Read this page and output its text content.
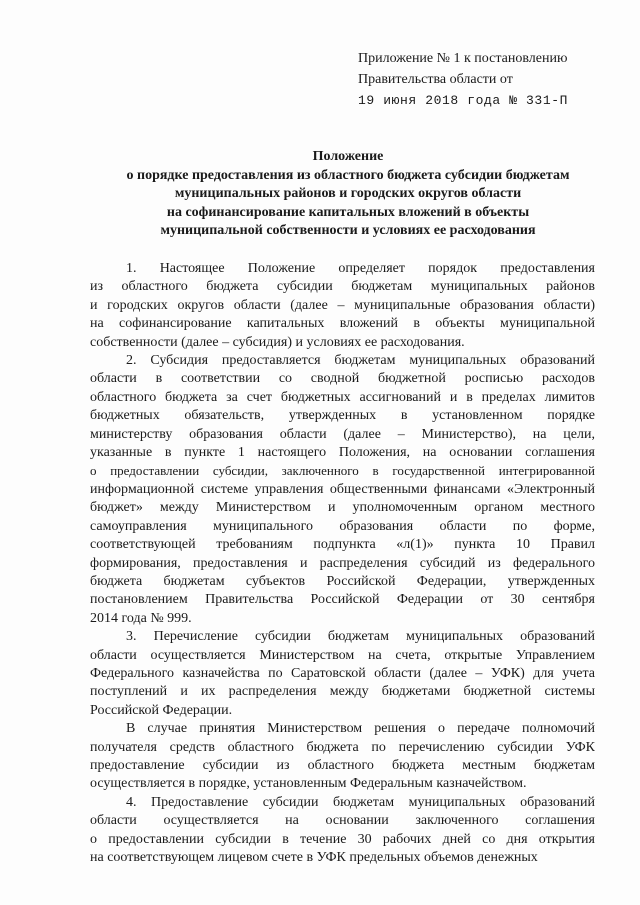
Приложение № 1 к постановлению
Правительства области от
19 июня 2018 года № 331-П
Положение
о порядке предоставления из областного бюджета субсидии бюджетам
муниципальных районов и городских округов области
на софинансирование капитальных вложений в объекты
муниципальной собственности и условиях ее расходования
1. Настоящее Положение определяет порядок предоставления
из областного бюджета субсидии бюджетам муниципальных районов
и городских округов области (далее – муниципальные образования области)
на софинансирование капитальных вложений в объекты муниципальной
собственности (далее – субсидия) и условиях ее расходования.
2. Субсидия предоставляется бюджетам муниципальных образований
области в соответствии со сводной бюджетной росписью расходов
областного бюджета за счет бюджетных ассигнований и в пределах лимитов
бюджетных обязательств, утвержденных в установленном порядке
министерству образования области (далее – Министерство), на цели,
указанные в пункте 1 настоящего Положения, на основании соглашения
о предоставлении субсидии, заключенного в государственной интегрированной
информационной системе управления общественными финансами «Электронный
бюджет» между Министерством и уполномоченным органом местного
самоуправления муниципального образования области по форме,
соответствующей требованиям подпункта «л(1)» пункта 10 Правил
формирования, предоставления и распределения субсидий из федерального
бюджета бюджетам субъектов Российской Федерации, утвержденных
постановлением Правительства Российской Федерации от 30 сентября
2014 года № 999.
3. Перечисление субсидии бюджетам муниципальных образований
области осуществляется Министерством на счета, открытые Управлением
Федерального казначейства по Саратовской области (далее – УФК) для учета
поступлений и их распределения между бюджетами бюджетной системы
Российской Федерации.
В случае принятия Министерством решения о передаче полномочий
получателя средств областного бюджета по перечислению субсидии УФК
предоставление субсидии из областного бюджета местным бюджетам
осуществляется в порядке, установленным Федеральным казначейством.
4. Предоставление субсидии бюджетам муниципальных образований
области осуществляется на основании заключенного соглашения
о предоставлении субсидии в течение 30 рабочих дней со дня открытия
на соответствующем лицевом счете в УФК предельных объемов денежных
